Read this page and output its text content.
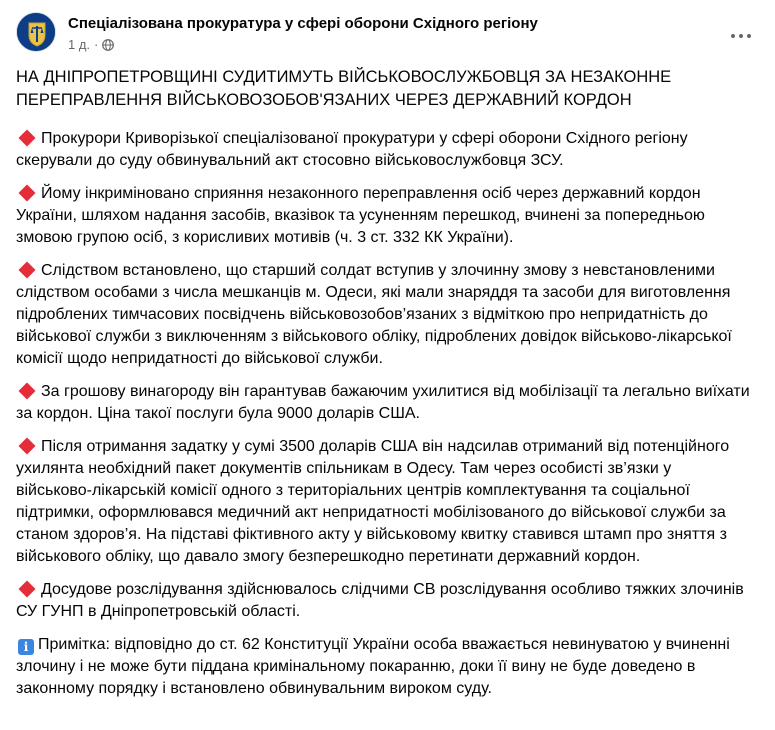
Спеціалізована прокуратура у сфері оборони Східного регіону
1 д. ·

НА ДНІПРОПЕТРОВЩИНІ СУДИТИМУТЬ ВІЙСЬКОВОСЛУЖБОВЦЯ ЗА НЕЗАКОННЕ ПЕРЕПРАВЛЕННЯ ВІЙСЬКОВОЗОБОВ'ЯЗАНИХ ЧЕРЕЗ ДЕРЖАВНИЙ КОРДОН

Прокурори Криворізької спеціалізованої прокуратури у сфері оборони Східного регіону скерували до суду обвинувальний акт стосовно військовослужбовця ЗСУ.

Йому інкриміновано сприяння незаконного переправлення осіб через державний кордон України, шляхом надання засобів, вказівок та усуненням перешкод, вчинені за попередньою змовою групою осіб, з корисливих мотивів (ч. 3 ст. 332 КК України).

Слідством встановлено, що старший солдат вступив у злочинну змову з невстановленими слідством особами з числа мешканців м. Одеси, які мали знаряддя та засоби для виготовлення підроблених тимчасових посвідчень військовозобов’язаних з відміткою про непридатність до військової служби з виключенням з військового обліку, підроблених довідок військово-лікарської комісії щодо непридатності до військової служби.

За грошову винагороду він гарантував бажаючим ухилитися від мобілізації та легально виїхати за кордон. Ціна такої послуги була 9000 доларів США.

Після отримання задатку у сумі 3500 доларів США він надсилав отриманий від потенційного ухилянта необхідний пакет документів спільникам в Одесу. Там через особисті зв’язки у військово-лікарській комісії одного з територіальних центрів комплектування та соціальної підтримки, оформлювався медичний акт непридатності мобілізованого до військової служби за станом здоров’я. На підставі фіктивного акту у військовому квитку ставився штамп про зняття з військового обліку, що давало змогу безперешкодно перетинати державний кордон.

Досудове розслідування здійснювалось слідчими СВ розслідування особливо тяжких злочинів СУ ГУНП в Дніпропетровській області.

i Примітка: відповідно до ст. 62 Конституції України особа вважається невинуватою у вчиненні злочину і не може бути піддана кримінальному покаранню, доки її вину не буде доведено в законному порядку і встановлено обвинувальним вироком суду.
